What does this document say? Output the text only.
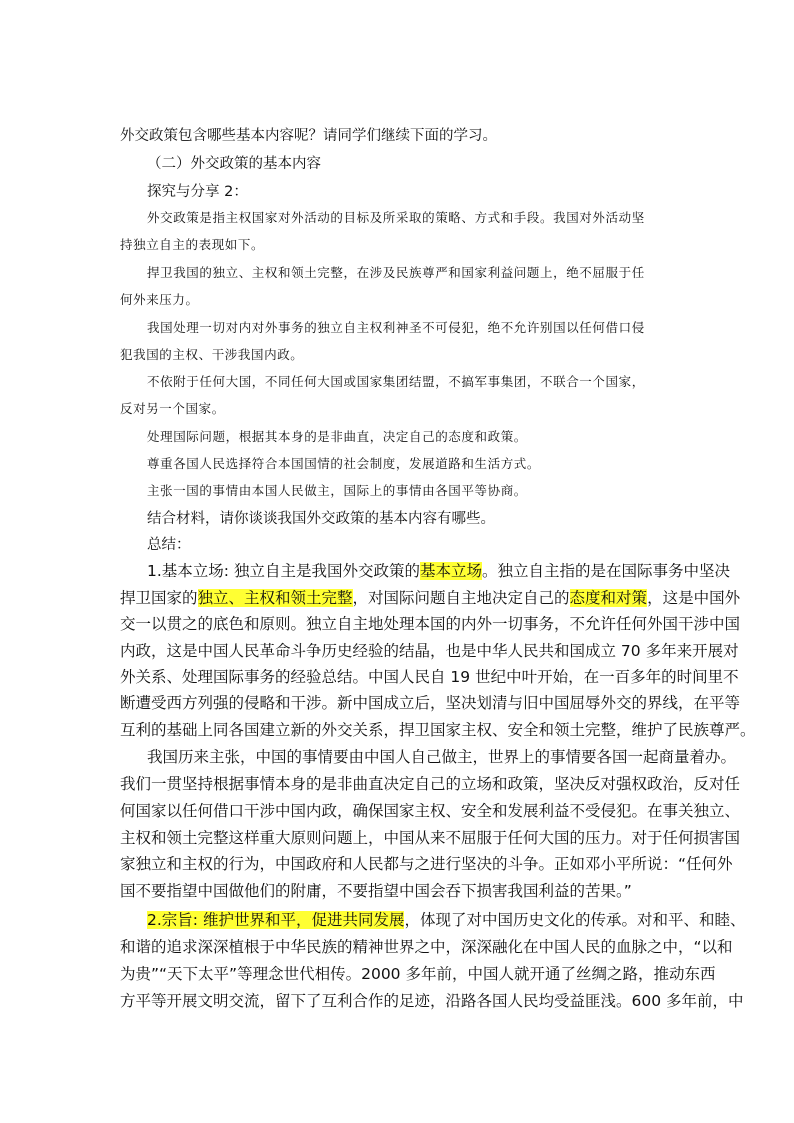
外交政策包含哪些基本内容呢？请同学们继续下面的学习。

（二）外交政策的基本内容

探究与分享 2：

外交政策是指主权国家对外活动的目标及所采取的策略、方式和手段。我国对外活动坚

持独立自主的表现如下。

捍卫我国的独立、主权和领土完整，在涉及民族尊严和国家利益问题上，绝不屈服于任

何外来压力。

我国处理一切对内对外事务的独立自主权利神圣不可侵犯，绝不允许别国以任何借口侵

犯我国的主权、干涉我国内政。

不依附于任何大国，不同任何大国或国家集团结盟，不搞军事集团，不联合一个国家，

反对另一个国家。

处理国际问题，根据其本身的是非曲直，决定自己的态度和政策。

尊重各国人民选择符合本国国情的社会制度，发展道路和生活方式。

主张一国的事情由本国人民做主，国际上的事情由各国平等协商。

结合材料，请你谈谈我国外交政策的基本内容有哪些。

总结：

1.基本立场: 独立自主是我国外交政策的基本立场。独立自主指的是在国际事务中坚决

捍卫国家的独立、主权和领土完整，对国际问题自主地决定自己的态度和对策，这是中国外

交一以贯之的底色和原则。独立自主地处理本国的内外一切事务，不允许任何外国干涉中国

内政，这是中国人民革命斗争历史经验的结晶，也是中华人民共和国成立 70 多年来开展对

外关系、处理国际事务的经验总结。中国人民自 19 世纪中叶开始，在一百多年的时间里不

断遭受西方列强的侵略和干涉。新中国成立后，坚决划清与旧中国屈辱外交的界线，在平等

互利的基础上同各国建立新的外交关系，捍卫国家主权、安全和领土完整，维护了民族尊严。

我国历来主张，中国的事情要由中国人自己做主，世界上的事情要各国一起商量着办。

我们一贯坚持根据事情本身的是非曲直决定自己的立场和政策，坚决反对强权政治，反对任

何国家以任何借口干涉中国内政，确保国家主权、安全和发展利益不受侵犯。在事关独立、

主权和领土完整这样重大原则问题上，中国从来不屈服于任何大国的压力。对于任何损害国

家独立和主权的行为，中国政府和人民都与之进行坚决的斗争。正如邓小平所说：“任何外

国不要指望中国做他们的附庸，不要指望中国会吞下损害我国利益的苦果。”

2.宗旨: 维护世界和平，促进共同发展，体现了对中国历史文化的传承。对和平、和睦、

和谐的追求深深植根于中华民族的精神世界之中，深深融化在中国人民的血脉之中，“以和

为贵”“天下太平”等理念世代相传。2000 多年前，中国人就开通了丝绸之路，推动东西

方平等开展文明交流，留下了互利合作的足迹，沿路各国人民均受益匪浅。600 多年前，中
